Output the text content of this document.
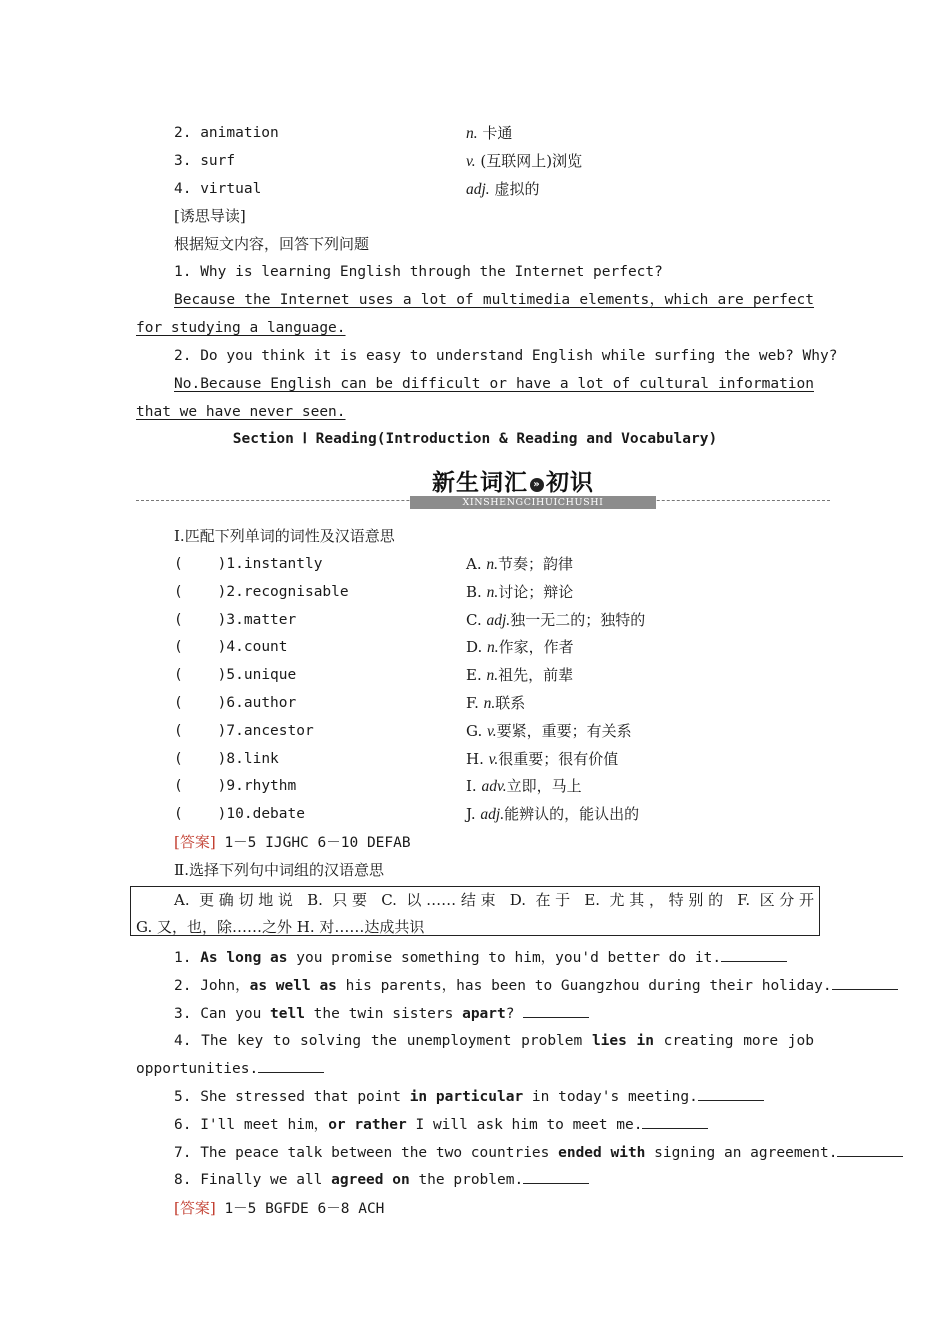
2. animation	n. 卡通
3. surf	v. (互联网上)浏览
4. virtual	adj. 虚拟的
[诱思导读]
根据短文内容，回答下列问题
1. Why is learning English through the Internet perfect?
Because the Internet uses a lot of multimedia elements，which are perfect
for studying a language.
2. Do you think it is easy to understand English while surfing the web? Why?
No.Because English can be difficult or have a lot of cultural information
that we have never seen.
Section Ⅰ Reading(Introduction & Reading and Vocabulary)
新生词汇 » 初识
XINSHENGCIHUICHUSHI
Ⅰ.匹配下列单词的词性及汉语意思
(    )1.instantly	A. n.节奏；韵律
(    )2.recognisable	B. n.讨论；辩论
(    )3.matter	C. adj.独一无二的；独特的
(    )4.count	D. n.作家，作者
(    )5.unique	E. n.祖先，前辈
(    )6.author	F. n.联系
(    )7.ancestor	G. v.要紧，重要；有关系
(    )8.link	H. v.很重要；很有价值
(    )9.rhythm	I. adv.立即，马上
(    )10.debate	J. adj.能辨认的，能认出的
[答案] 1－5 IJGHC 6－10 DEFAB
Ⅱ.选择下列句中词组的汉语意思
A. 更确切地说 B. 只要 C. 以……结束 D. 在于 E. 尤其，特别的 F. 区分开
G. 又，也，除……之外 H. 对……达成共识
1. As long as you promise something to him，you'd better do it.
2. John，as well as his parents，has been to Guangzhou during their holiday.
3. Can you tell the twin sisters apart?
4. The key to solving the unemployment problem lies in creating more job
5. She stressed that point in particular in today's meeting.
6. I'll meet him，or rather I will ask him to meet me.
7. The peace talk between the two countries ended with signing an agreement.
8. Finally we all agreed on the problem.
opportunities.
[答案] 1－5 BGFDE 6－8 ACH
